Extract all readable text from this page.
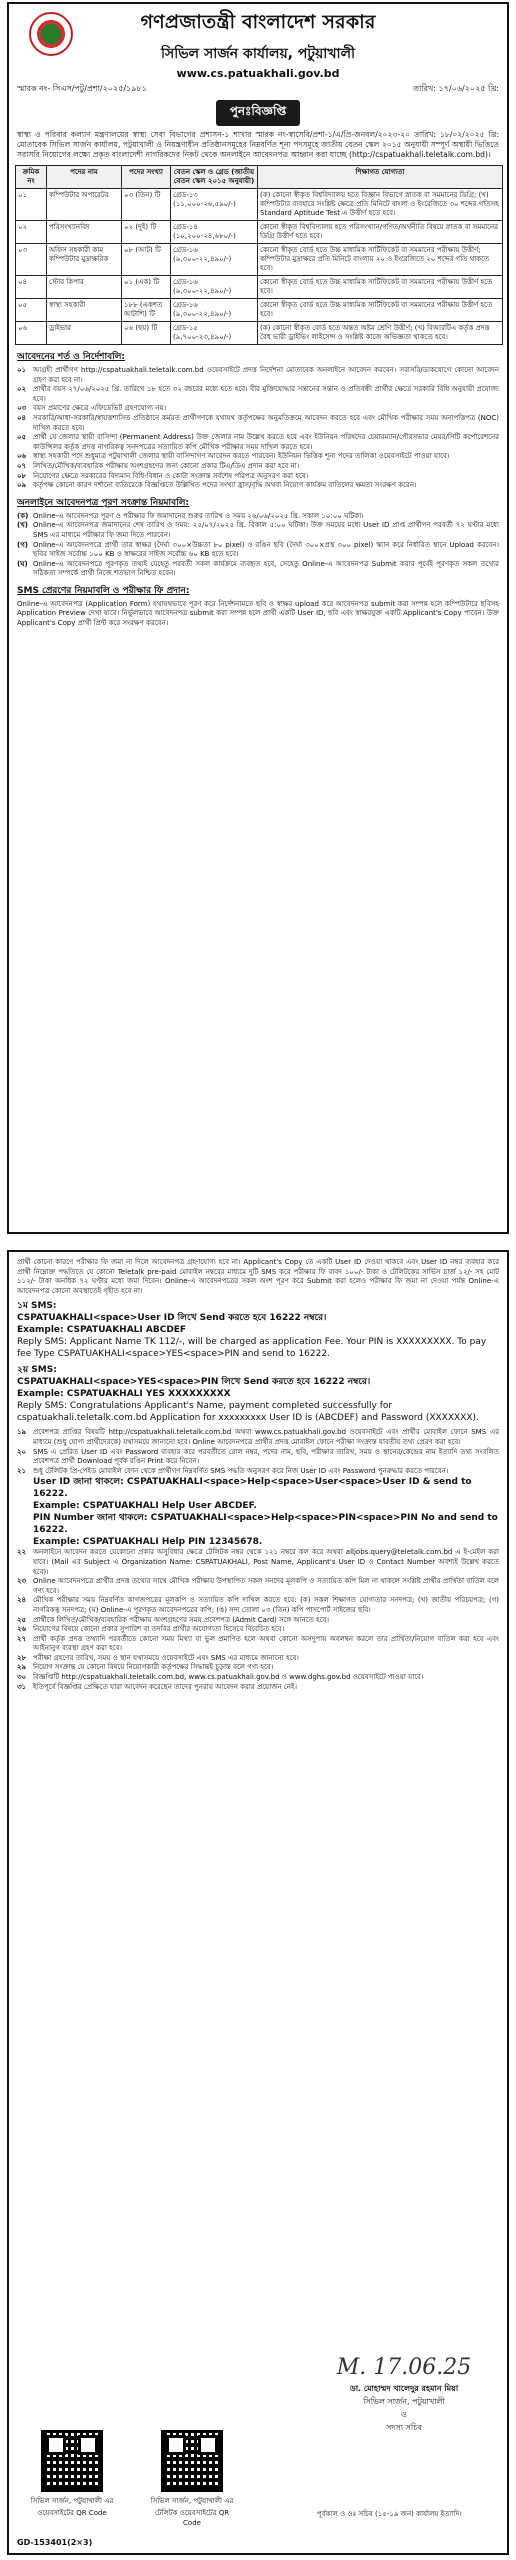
গণপ্রজাতন্ত্রী বাংলাদেশ সরকার
সিভিল সার্জন কার্যালয়, পটুয়াখালী
www.cs.patuakhali.gov.bd
স্মারক নং- সিএস/পটু/প্রশা/২০২৫/১৯৮১	তারিখ: ১৭/০৬/২০২৫ খ্রি:
পুনঃবিজ্ঞপ্তি
স্বাস্থ্য ও পরিবার কল্যাণ মন্ত্রণালয়ের স্বাস্থ্য সেবা বিভাগের প্রশাসন-১ শাখার স্মারক নং-স্বাসেবি/প্রশা-১/এ/প্রি-জনবল/২০২৩-২০ তারিখ: ১৮/০২/২০২৫ খ্রি: মোতাবেক সিভিল সার্জন কার্যালয়, পটুয়াখালী ও নিয়ন্ত্রণাধীন প্রতিষ্ঠানসমূহের নিম্নবর্ণিত শূন্য পদসমূহে জাতীয় বেতন স্কেল ২০১৫ অনুযায়ী সম্পূর্ণ অস্থায়ী ভিত্তিতে সরাসরি নিয়োগের লক্ষ্যে প্রকৃত বাংলাদেশী নাগরিকদের নিকট থেকে অনলাইনে আবেদনপত্র আহ্বান করা যাচ্ছে (http://cspatuakhali.teletalk.com.bd)।
ক্রমিক নং	পদের নাম	পদের সংখ্যা	বেতন স্কেল ও গ্রেড (জাতীয় বেতন স্কেল ২০১৫ অনুযায়ী)	শিক্ষাগত যোগ্যতা
০১	কম্পিউটার অপারেটর	০৩ (তিন) টি	গ্রেড-১৩ (১১,০০০-২৬,৫৯০/-)	(ক) কোনো স্বীকৃত বিশ্ববিদ্যালয় হতে বিজ্ঞান বিভাগে স্নাতক বা সমমানের ডিগ্রি; (খ) কম্পিউটার ব্যবহারে সংশ্লিষ্ট ক্ষেত্রে প্রতি মিনিটে বাংলা ও ইংরেজিতে ৩০ শব্দের গতিসহ Standard Aptitude Test এ উত্তীর্ণ হতে হবে।
০২	পরিসংখ্যানবিদ	০২ (দুই) টি	গ্রেড-১৪ (১০,২০০-২৪,৬৮০/-)	কোনো স্বীকৃত বিশ্ববিদ্যালয় হতে পরিসংখ্যান/গণিত/অর্থনীতি বিষয়ে স্নাতক বা সমমানের ডিগ্রি উত্তীর্ণ হতে হবে।
০৩	অফিস সহকারী কাম কম্পিউটার মুদ্রাক্ষরিক	০৮ (আট) টি	গ্রেড-১৬ (৯,৩০০-২২,৪৯০/-)	কোনো স্বীকৃত বোর্ড হতে উচ্চ মাধ্যমিক সার্টিফিকেট বা সমমানের পরীক্ষায় উত্তীর্ণ; কম্পিউটার মুদ্রাক্ষরে প্রতি মিনিটে বাংলায় ২০ ও ইংরেজিতে ২০ শব্দের গতি থাকতে হবে।
০৪	স্টোর কিপার	০১ (এক) টি	গ্রেড-১৬ (৯,৩০০-২২,৪৯০/-)	কোনো স্বীকৃত বোর্ড হতে উচ্চ মাধ্যমিক সার্টিফিকেট বা সমমানের পরীক্ষায় উত্তীর্ণ হতে হবে।
০৫	স্বাস্থ্য সহকারী	১৮৮ (একশত আটাশি) টি	গ্রেড-১৬ (৯,৩০০-২২,৪৯০/-)	কোনো স্বীকৃত বোর্ড হতে উচ্চ মাধ্যমিক সার্টিফিকেট বা সমমানের পরীক্ষায় উত্তীর্ণ হতে হবে।
০৬	ড্রাইভার	০৬ (ছয়) টি	গ্রেড-১৫ (৯,৭০০-২৩,৪৯০/-)	(ক) কোনো স্বীকৃত বোর্ড হতে অন্তত অষ্টম শ্রেণি উত্তীর্ণ; (খ) বিআরটিএ কর্তৃক প্রদত্ত বৈধ ভারী ড্রাইভিং লাইসেন্স ও সংশ্লিষ্ট কাজে অভিজ্ঞতা থাকতে হবে।
আবেদনের শর্ত ও নির্দেশাবলি:
০১ আগ্রহী প্রার্থীগণ http://cspatuakhali.teletalk.com.bd ওয়েবসাইটে প্রদত্ত নির্দেশনা মোতাবেক অনলাইনে আবেদন করবেন। সরাসরি/ডাকযোগে কোনো আবেদন গ্রহণ করা হবে না।
০২ প্রার্থীর বয়স ২৭/০৬/২০২৫ খ্রি. তারিখে ১৮ হতে ৩২ বছরের মধ্যে হতে হবে। বীর মুক্তিযোদ্ধার সন্তানের সন্তান ও প্রতিবন্ধী প্রার্থীর ক্ষেত্রে সরকারি বিধি অনুযায়ী প্রযোজ্য হবে।
০৩ বয়স প্রমাণের ক্ষেত্রে এফিডেভিট গ্রহণযোগ্য নয়।
০৪ সরকারি/আধা-সরকারি/স্বায়ত্তশাসিত প্রতিষ্ঠানে কর্মরত প্রার্থীগণকে যথাযথ কর্তৃপক্ষের অনুমতিক্রমে আবেদন করতে হবে এবং মৌখিক পরীক্ষার সময় অনাপত্তিপত্র (NOC) দাখিল করতে হবে।
০৫ প্রার্থী যে জেলার স্থায়ী বাসিন্দা (Permanent Address) উক্ত জেলার নাম উল্লেখ করতে হবে এবং ইউনিয়ন পরিষদের চেয়ারম্যান/পৌরসভার মেয়র/সিটি কর্পোরেশনের কাউন্সিলর কর্তৃক প্রদত্ত নাগরিকত্ব সনদপত্রের সত্যায়িত কপি মৌখিক পরীক্ষার সময় দাখিল করতে হবে।
০৬ স্বাস্থ্য সহকারী পদে শুধুমাত্র পটুয়াখালী জেলার স্থায়ী বাসিন্দাগণ আবেদন করতে পারবেন। ইউনিয়ন ভিত্তিক শূন্য পদের তালিকা ওয়েবসাইটে পাওয়া যাবে।
০৭ লিখিত/মৌখিক/ব্যবহারিক পরীক্ষায় অংশগ্রহণের জন্য কোনো প্রকার টিএ/ডিএ প্রদান করা হবে না।
০৮ নিয়োগের ক্ষেত্রে সরকারের বিদ্যমান বিধি-বিধান ও কোটা সংক্রান্ত সর্বশেষ পরিপত্র অনুসরণ করা হবে।
০৯ কর্তৃপক্ষ কোনো কারণ দর্শানো ব্যতিরেকে বিজ্ঞপ্তিতে উল্লিখিত পদের সংখ্যা হ্রাস/বৃদ্ধি অথবা নিয়োগ কার্যক্রম বাতিলের ক্ষমতা সংরক্ষণ করেন।
অনলাইনে আবেদনপত্র পূরণ সংক্রান্ত নিয়মাবলি:
(ক) Online-এ আবেদনপত্র পূরণ ও পরীক্ষার ফি জমাদানের শুরুর তারিখ ও সময় ২৬/০৬/২০২৫ খ্রি. সকাল ১০:০০ ঘটিকা।
(খ) Online-এ আবেদনপত্র জমাদানের শেষ তারিখ ও সময়: ২৫/০৭/২০২৫ খ্রি. বিকাল ৫:০০ ঘটিকা। উক্ত সময়ের মধ্যে User ID প্রাপ্ত প্রার্থীগণ পরবর্তী ৭২ ঘণ্টার মধ্যে SMS এর মাধ্যমে পরীক্ষার ফি জমা দিতে পারবেন।
(গ) Online-এ আবেদনপত্রে প্রার্থী তার স্বাক্ষর (দৈর্ঘ্য ৩০০×উচ্চতা ৮০ pixel) ও রঙিন ছবি (দৈর্ঘ্য ৩০০×প্রস্থ ৩০০ pixel) স্ক্যান করে নির্ধারিত স্থানে Upload করবেন। ছবির সাইজ সর্বোচ্চ ১০০ KB ও স্বাক্ষরের সাইজ সর্বোচ্চ ৬০ KB হতে হবে।
(ঘ) Online-এ আবেদনপত্রে পূরণকৃত তথ্যই যেহেতু পরবর্তী সকল কার্যক্রমে ব্যবহৃত হবে, সেহেতু Online-এ আবেদনপত্র Submit করার পূর্বেই পূরণকৃত সকল তথ্যের সঠিকতা সম্পর্কে প্রার্থী নিজে শতভাগ নিশ্চিত হবেন।
SMS প্রেরণের নিয়মাবলি ও পরীক্ষার ফি প্রদান:
Online-এ আবেদনপত্র (Application Form) যথাযথভাবে পূরণ করে নির্দেশনামতে ছবি ও স্বাক্ষর upload করে আবেদনপত্র submit করা সম্পন্ন হলে কম্পিউটারে ছবিসহ Application Preview দেখা যাবে। নির্ভুলভাবে আবেদনপত্র submit করা সম্পন্ন হলে প্রার্থী একটি User ID, ছবি এবং স্বাক্ষরযুক্ত একটি Applicant's Copy পাবেন। উক্ত Applicant's Copy প্রার্থী প্রিন্ট করে সংরক্ষণ করবেন।
প্রার্থী কোনো কারণে পরীক্ষার ফি জমা না দিলে আবেদনপত্র গ্রহণযোগ্য হবে না। Applicant's Copy তে একটি User ID দেওয়া থাকবে এবং User ID নম্বর ব্যবহার করে প্রার্থী নিম্নোক্ত পদ্ধতিতে যে কোনো Teletalk pre-paid মোবাইল নম্বরের মাধ্যমে দুটি SMS করে পরীক্ষার ফি বাবদ ১০০/- টাকা ও টেলিটকের সার্ভিস চার্জ ১২/- সহ মোট ১১২/- টাকা অনধিক ৭২ ঘণ্টার মধ্যে জমা দিবেন। Online-এ আবেদনপত্রের সকল অংশ পূরণ করে Submit করা হলেও পরীক্ষার ফি জমা না দেওয়া পর্যন্ত Online-এ আবেদনপত্র কোনো অবস্থাতেই গৃহীত হবে না।
১ম SMS:
CSPATUAKHALI<space>User ID লিখে Send করতে হবে 16222 নম্বরে।
Example: CSPATUAKHALI ABCDEF
Reply SMS: Applicant Name TK 112/-, will be charged as application Fee. Your PIN is XXXXXXXXX. To pay fee Type CSPATUAKHALI<space>YES<space>PIN and send to 16222.
২য় SMS:
CSPATUAKHALI<space>YES<space>PIN লিখে Send করতে হবে 16222 নম্বরে।
Example: CSPATUAKHALI YES XXXXXXXXX
Reply SMS: Congratulations Applicant's Name, payment completed successfully for cspatuakhali.teletalk.com.bd Application for xxxxxxxxx User ID is (ABCDEF) and Password (XXXXXXX).
১৯ প্রবেশপত্র প্রাপ্তির বিষয়টি http://cspatuakhali.teletalk.com.bd অথবা www.cs.patuakhali.gov.bd ওয়েবসাইটে এবং প্রার্থীর মোবাইল ফোনে SMS এর মাধ্যমে (শুধু যোগ্য প্রার্থীদেরকে) যথাসময়ে জানানো হবে। Online আবেদনপত্রে প্রার্থীর প্রদত্ত মোবাইল ফোনে পরীক্ষা সংক্রান্ত যাবতীয় তথ্য প্রেরণ করা হবে।
২০ SMS এ প্রেরিত User ID এবং Password ব্যবহার করে পরবর্তীতে রোল নম্বর, পদের নাম, ছবি, পরীক্ষার তারিখ, সময় ও স্থানের/কেন্দ্রের নাম ইত্যাদি তথ্য সংবলিত প্রবেশপত্র প্রার্থী Download পূর্বক রঙিন Print করে নিবেন।
২১ শুধু টেলিটক প্রি-পেইড মোবাইল ফোন থেকে প্রার্থীগণ নিম্নবর্ণিত SMS পদ্ধতি অনুসরণ করে নিজ User ID এবং Password পুনরুদ্ধার করতে পারবেন।
User ID জানা থাকলে: CSPATUAKHALI<space>Help<space>User<space>User ID & send to 16222.
Example: CSPATUAKHALI Help User ABCDEF.
PIN Number জানা থাকলে: CSPATUAKHALI<space>Help<space>PIN<space>PIN No and send to 16222.
Example: CSPATUAKHALI Help PIN 12345678.
২২ অনলাইনে আবেদন করতে যেকোনো প্রকার অসুবিধার ক্ষেত্রে টেলিটক নম্বর থেকে ১২১ নম্বরে কল করে অথবা alljobs.query@teletalk.com.bd এ ই-মেইল করা যাবে। (Mail এর Subject এ Organization Name: CSPATUAKHALI, Post Name, Applicant's User ID ও Contact Number অবশ্যই উল্লেখ করতে হবে)।
২৩ Online আবেদনপত্রে প্রার্থীর প্রদত্ত তথ্যের সাথে মৌখিক পরীক্ষায় উপস্থাপিত সকল সনদের মূলকপি ও সত্যায়িত কপি মিল না থাকলে সংশ্লিষ্ট প্রার্থীর প্রার্থিতা বাতিল বলে গণ্য হবে।
২৪ মৌখিক পরীক্ষার সময় নিম্নবর্ণিত কাগজপত্রের মূলকপি ও সত্যায়িত কপি দাখিল করতে হবে: (ক) সকল শিক্ষাগত যোগ্যতার সনদপত্র; (খ) জাতীয় পরিচয়পত্র; (গ) নাগরিকত্ব সনদপত্র; (ঘ) Online-এ পূরণকৃত আবেদনপত্রের কপি; (ঙ) সদ্য তোলা ০৩ (তিন) কপি পাসপোর্ট সাইজের ছবি।
২৫ প্রার্থীকে লিখিত/মৌখিক/ব্যবহারিক পরীক্ষায় অংশগ্রহণের সময় প্রবেশপত্র (Admit Card) সঙ্গে আনতে হবে।
২৬ নিয়োগের বিষয়ে কোনো প্রকার সুপারিশ বা তদবির প্রার্থীর অযোগ্যতা হিসেবে বিবেচিত হবে।
২৭ প্রার্থী কর্তৃক প্রদত্ত তথ্যাদি পরবর্তীতে কোনো সময় মিথ্যা বা ভুল প্রমাণিত হলে অথবা কোনো অসদুপায় অবলম্বন করলে তার প্রার্থিতা/নিয়োগ বাতিল করা হবে এবং আইনানুগ ব্যবস্থা গ্রহণ করা হবে।
২৮ পরীক্ষা গ্রহণের তারিখ, সময় ও স্থান যথাসময়ে ওয়েবসাইটে এবং SMS এর মাধ্যমে জানানো হবে।
২৯ নিয়োগ সংক্রান্ত যে কোনো বিষয়ে নিয়োগকারী কর্তৃপক্ষের সিদ্ধান্তই চূড়ান্ত বলে গণ্য হবে।
৩০ বিজ্ঞপ্তিটি http://cspatuakhali.teletalk.com.bd, www.cs.patuakhali.gov.bd ও www.dghs.gov.bd ওয়েবসাইটে পাওয়া যাবে।
৩১ ইতিপূর্বে বিজ্ঞপ্তির প্রেক্ষিতে যারা আবেদন করেছেন তাদের পুনরায় আবেদন করার প্রয়োজন নেই।
M. 17.06.25
ডা. মোহাম্মদ খালেদুর রহমান মিয়া
সিভিল সার্জন, পটুয়াখালী
ও
সদস্য সচিব
সিভিল সার্জন, পটুয়াখালী এর ওয়েবসাইটের QR Code
সিভিল সার্জন, পটুয়াখালী এর টেলিটক ওয়েবসাইটের QR Code
পূর্বকাল ও ওঃ সচিব (১৫-১৯ জন) কার্যালয় ইত্যাদি।
GD-153401(2×3)
